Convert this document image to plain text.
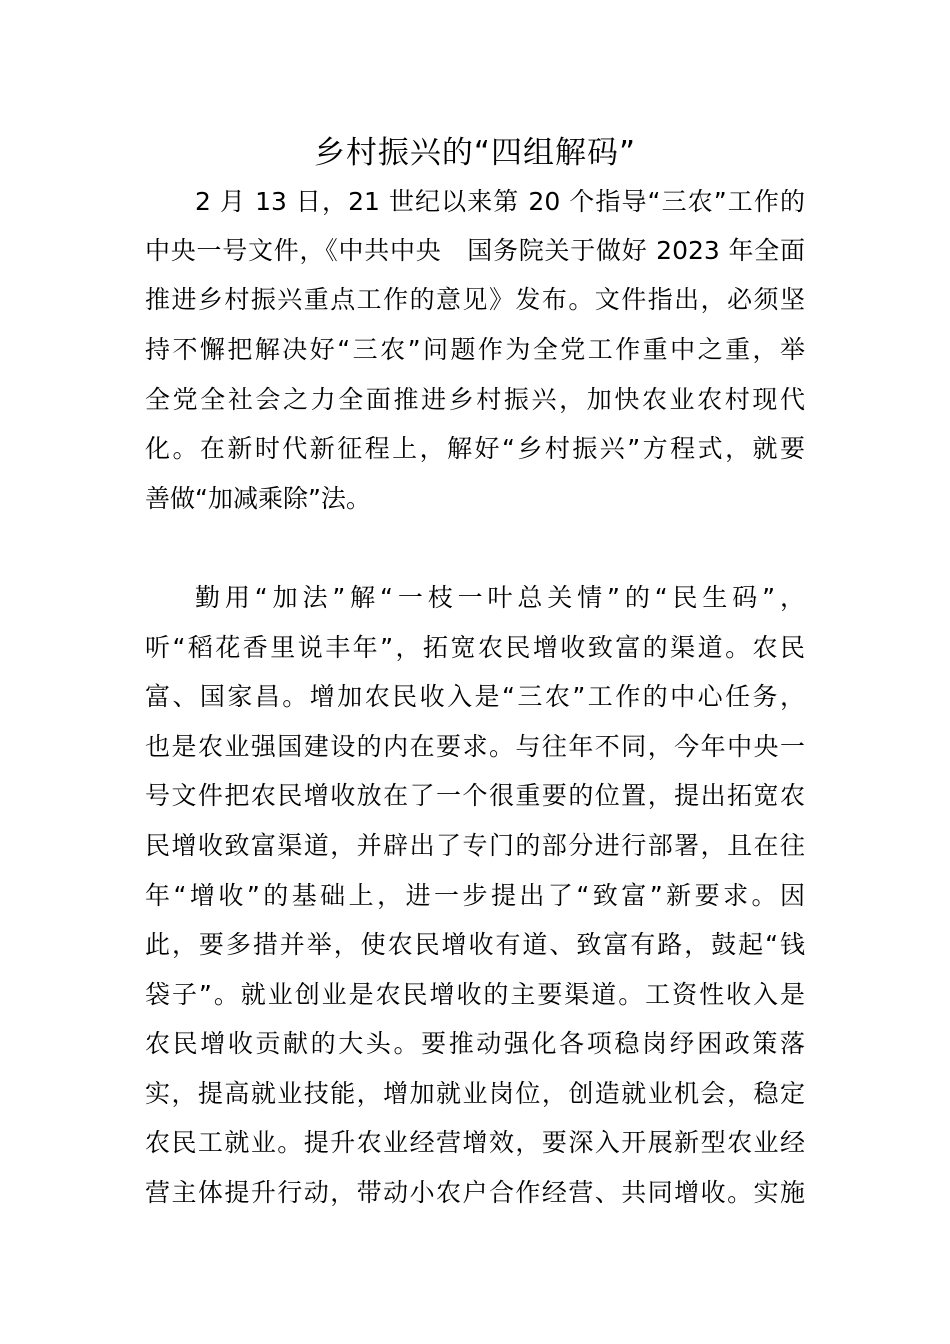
乡村振兴的“四组解码”

2 月 13 日，21 世纪以来第 20 个指导“三农”工作的

中央一号文件，《中共中央　国务院关于做好 2023 年全面

推进乡村振兴重点工作的意见》发布。文件指出，必须坚

持不懈把解决好“三农”问题作为全党工作重中之重，举

全党全社会之力全面推进乡村振兴，加快农业农村现代

化。在新时代新征程上，解好“乡村振兴”方程式，就要

善做“加减乘除”法。

勤用“加法”解“一枝一叶总关情”的“民生码”，

听“稻花香里说丰年”，拓宽农民增收致富的渠道。农民

富、国家昌。增加农民收入是“三农”工作的中心任务，

也是农业强国建设的内在要求。与往年不同，今年中央一

号文件把农民增收放在了一个很重要的位置，提出拓宽农

民增收致富渠道，并辟出了专门的部分进行部署，且在往

年“增收”的基础上，进一步提出了“致富”新要求。因

此，要多措并举，使农民增收有道、致富有路，鼓起“钱

袋子”。就业创业是农民增收的主要渠道。工资性收入是

农民增收贡献的大头。要推动强化各项稳岗纾困政策落

实，提高就业技能，增加就业岗位，创造就业机会，稳定

农民工就业。提升农业经营增效，要深入开展新型农业经

营主体提升行动，带动小农户合作经营、共同增收。实施
